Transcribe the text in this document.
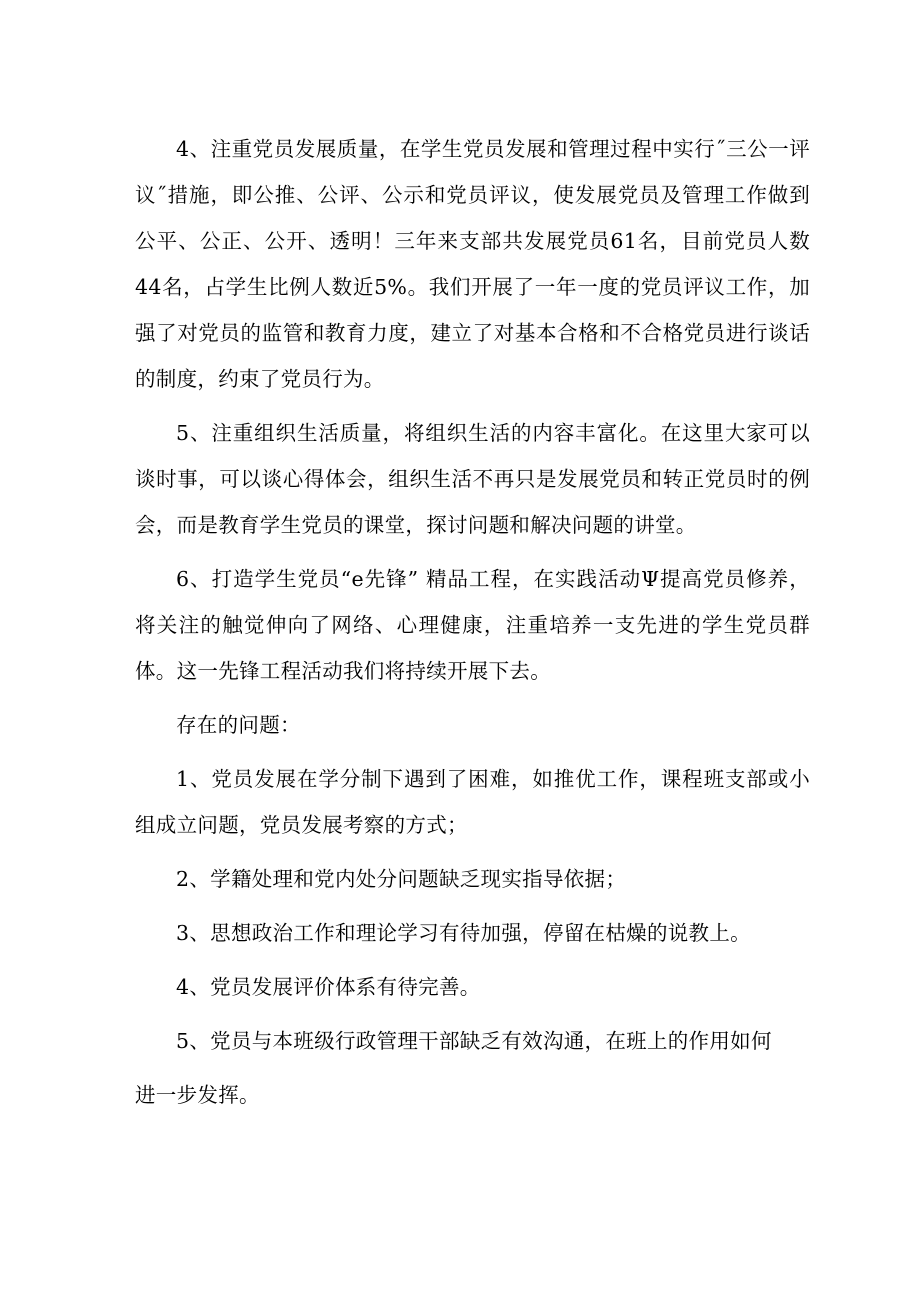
4、注重党员发展质量，在学生党员发展和管理过程中实行˝三公一评议˝措施，即公推、公评、公示和党员评议，使发展党员及管理工作做到公平、公正、公开、透明！三年来支部共发展党员61名，目前党员人数44名，占学生比例人数近5%。我们开展了一年一度的党员评议工作，加强了对党员的监管和教育力度，建立了对基本合格和不合格党员进行谈话的制度，约束了党员行为。

5、注重组织生活质量，将组织生活的内容丰富化。在这里大家可以谈时事，可以谈心得体会，组织生活不再只是发展党员和转正党员时的例会，而是教育学生党员的课堂，探讨问题和解决问题的讲堂。

6、打造学生党员“e先锋” 精品工程，在实践活动Ψ提高党员修养，将关注的触觉伸向了网络、心理健康，注重培养一支先进的学生党员群体。这一先锋工程活动我们将持续开展下去。

存在的问题：

1、党员发展在学分制下遇到了困难，如推优工作，课程班支部或小组成立问题，党员发展考察的方式；

2、学籍处理和党内处分问题缺乏现实指导依据；

3、思想政治工作和理论学习有待加强，停留在枯燥的说教上。

4、党员发展评价体系有待完善。

5、党员与本班级行政管理干部缺乏有效沟通，在班上的作用如何

进一步发挥。
